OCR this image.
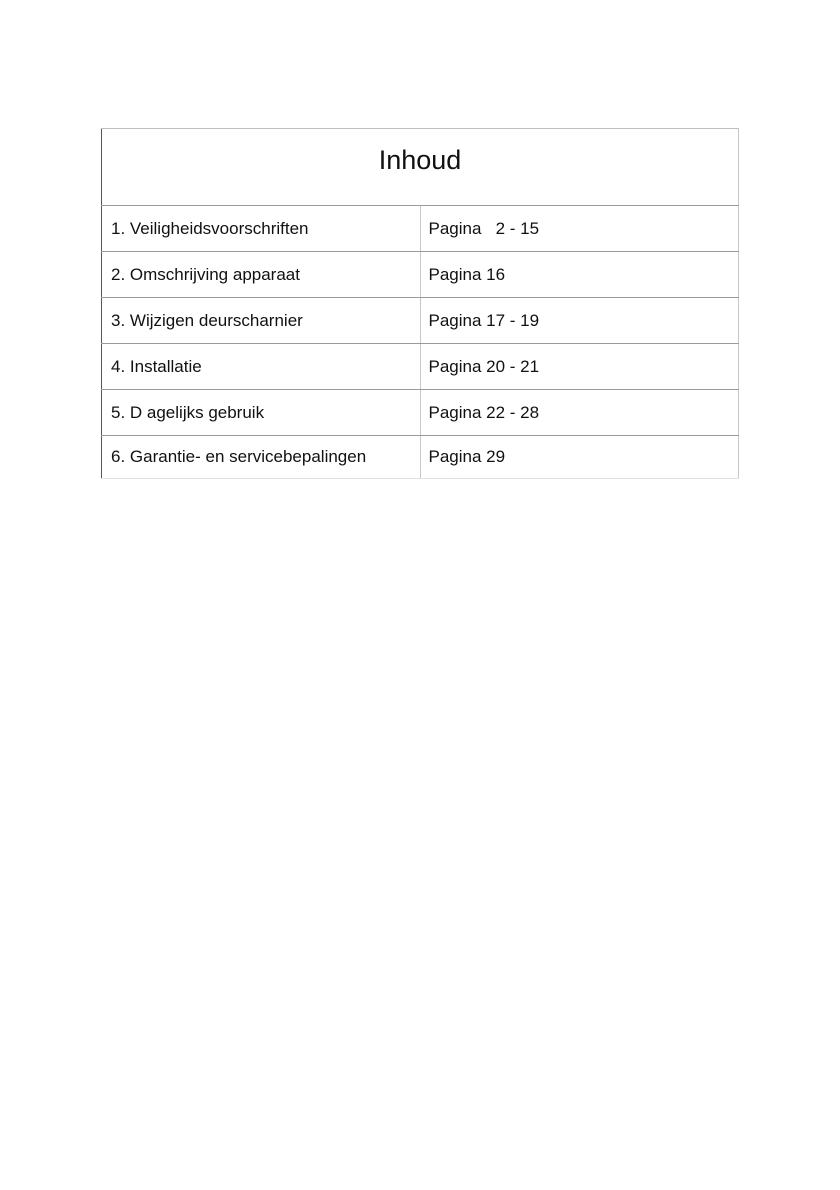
Inhoud	
1. Veiligheidsvoorschriften	Pagina   2 - 15
2. Omschrijving apparaat	Pagina 16
3. Wijzigen deurscharnier	Pagina 17 - 19
4. Installatie	Pagina 20 - 21
5. D agelijks gebruik	Pagina 22 - 28
6. Garantie- en servicebepalingen	Pagina 29
